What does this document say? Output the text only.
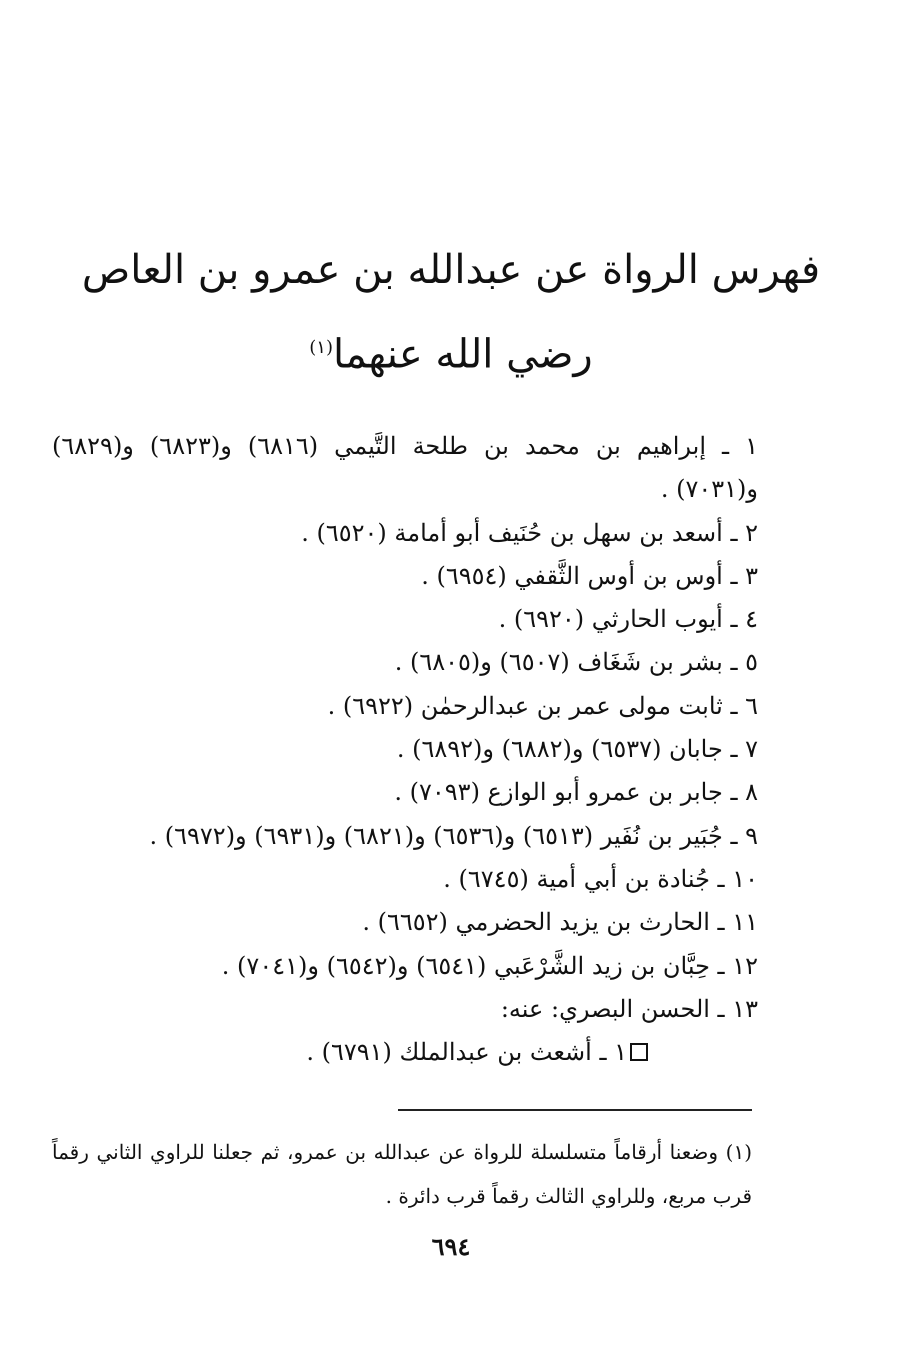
فهرس الرواة عن عبدالله بن عمرو بن العاص
رضي الله عنهما$^{(١)}$
١ ـ إبراهيم بن محمد بن طلحة التَّيمي (٦٨١٦) و(٦٨٢٣) و(٦٨٢٩) و(٧٠٣١) .
٢ ـ أسعد بن سهل بن حُنَيف أبو أمامة (٦٥٢٠) .
٣ ـ أوس بن أوس الثَّقفي (٦٩٥٤) .
٤ ـ أيوب الحارثي (٦٩٢٠) .
٥ ـ بشر بن شَغَاف (٦٥٠٧) و(٦٨٠٥) .
٦ ـ ثابت مولى عمر بن عبدالرحمٰن (٦٩٢٢) .
٧ ـ جابان (٦٥٣٧) و(٦٨٨٢) و(٦٨٩٢) .
٨ ـ جابر بن عمرو أبو الوازع (٧٠٩٣) .
٩ ـ جُبَير بن نُفَير (٦٥١٣) و(٦٥٣٦) و(٦٨٢١) و(٦٩٣١) و(٦٩٧٢) .
١٠ ـ جُنادة بن أبي أمية (٦٧٤٥) .
١١ ـ الحارث بن يزيد الحضرمي (٦٦٥٢) .
١٢ ـ حِبَّان بن زيد الشَّرْعَبي (٦٥٤١) و(٦٥٤٢) و(٧٠٤١) .
١٣ ـ الحسن البصري: عنه:
١ ـ أشعث بن عبدالملك (٦٧٩١) .
(١) وضعنا أرقاماً متسلسلة للرواة عن عبدالله بن عمرو، ثم جعلنا للراوي الثاني رقماً قرب مربع، وللراوي الثالث رقماً قرب دائرة .
٦٩٤
